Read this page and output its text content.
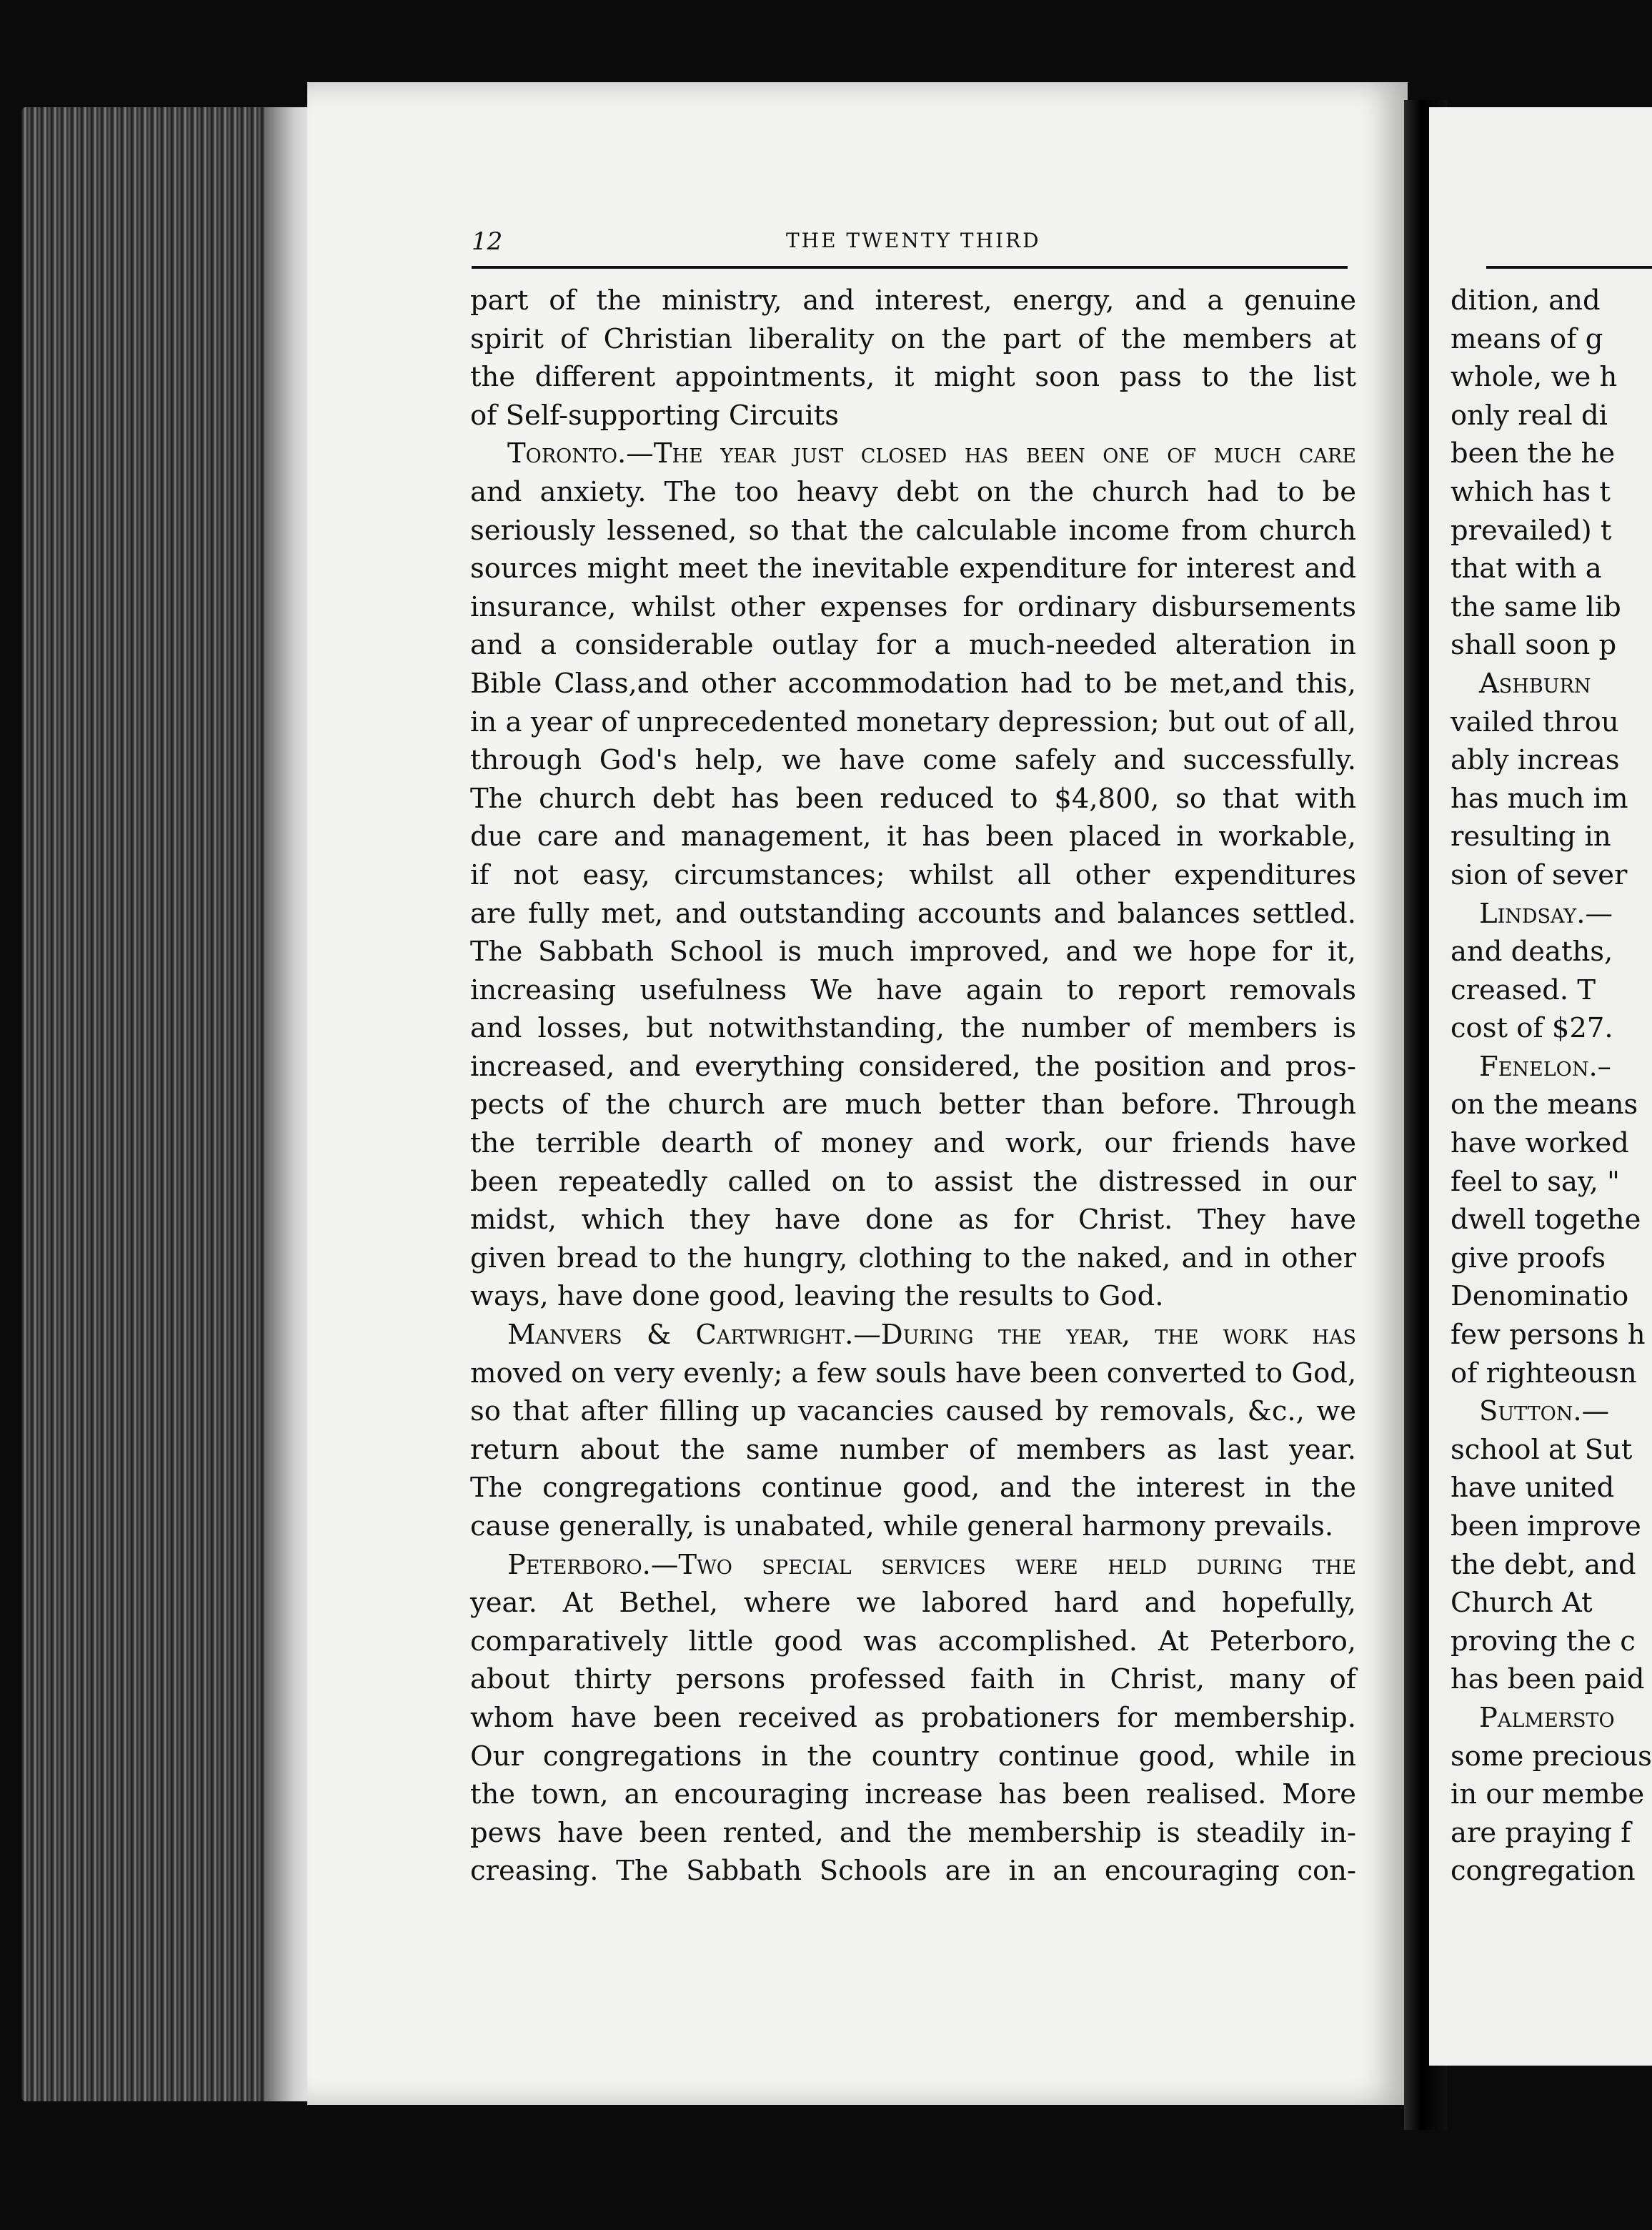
12	THE TWENTY THIRD
part of the ministry, and interest, energy, and a genuine
spirit of Christian liberality on the part of the members at
the different appointments, it might soon pass to the list
of Self-supporting Circuits
Toronto.—The year just closed has been one of much care
and anxiety. The too heavy debt on the church had to be
seriously lessened, so that the calculable income from church
sources might meet the inevitable expenditure for interest and
insurance, whilst other expenses for ordinary disbursements
and a considerable outlay for a much-needed alteration in
Bible Class,and other accommodation had to be met,and this,
in a year of unprecedented monetary depression; but out of all,
through God's help, we have come safely and successfully.
The church debt has been reduced to $4,800, so that with
due care and management, it has been placed in workable,
if not easy, circumstances; whilst all other expenditures
are fully met, and outstanding accounts and balances settled.
The Sabbath School is much improved, and we hope for it,
increasing usefulness We have again to report removals
and losses, but notwithstanding, the number of members is
increased, and everything considered, the position and pros-
pects of the church are much better than before. Through
the terrible dearth of money and work, our friends have
been repeatedly called on to assist the distressed in our
midst, which they have done as for Christ. They have
given bread to the hungry, clothing to the naked, and in other
ways, have done good, leaving the results to God.
Manvers & Cartwright.—During the year, the work has
moved on very evenly; a few souls have been converted to God,
so that after filling up vacancies caused by removals, &c., we
return about the same number of members as last year.
The congregations continue good, and the interest in the
cause generally, is unabated, while general harmony prevails.
Peterboro.—Two special services were held during the
year. At Bethel, where we labored hard and hopefully,
comparatively little good was accomplished. At Peterboro,
about thirty persons professed faith in Christ, many of
whom have been received as probationers for membership.
Our congregations in the country continue good, while in
the town, an encouraging increase has been realised. More
pews have been rented, and the membership is steadily in-
creasing. The Sabbath Schools are in an encouraging con-
dition, and
means of g
whole, we h
only real di
been the he
which has t
prevailed) t
that with a
the same lib
shall soon p
Ashburn
vailed throu
ably increas
has much im
resulting in
sion of sever
Lindsay.—
and deaths,
creased. T
cost of $27.
Fenelon.–
on the means
have worked
feel to say, "
dwell togethe
give proofs
Denominatio
few persons h
of righteousn
Sutton.—
school at Sut
have united
been improve
the debt, and
Church At
proving the c
has been paid
Palmersto
some precious
in our membe
are praying f
congregation
